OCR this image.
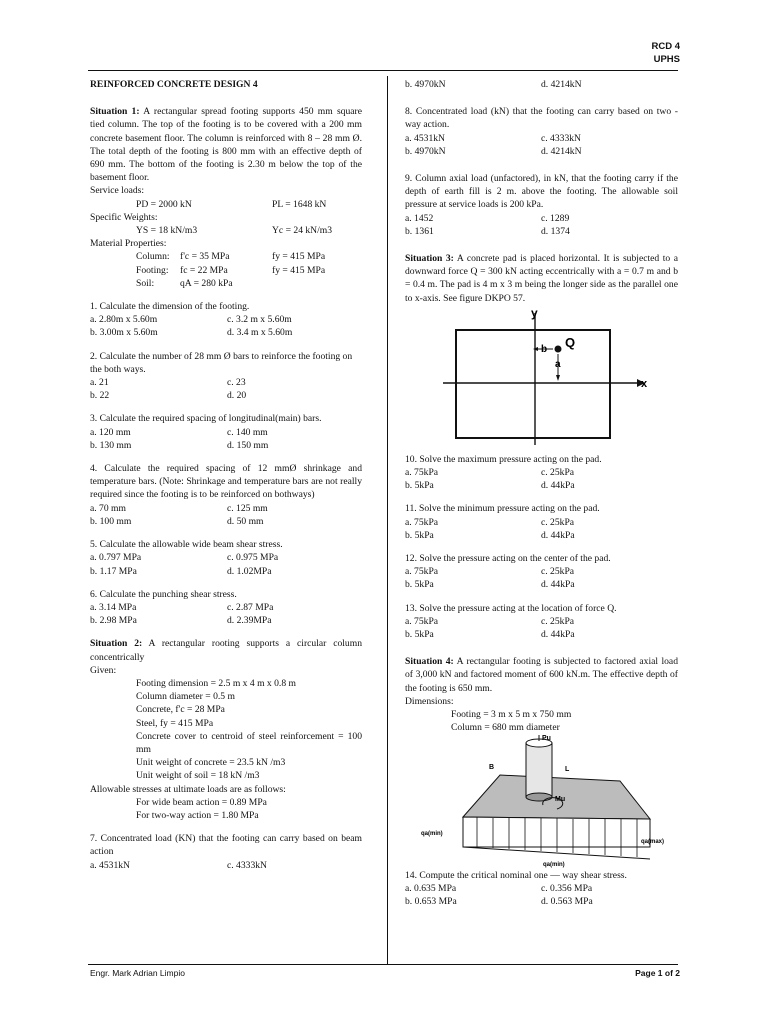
RCD 4
UPHS

REINFORCED CONCRETE DESIGN 4

Situation 1: A rectangular spread footing supports 450 mm square tied column. The top of the footing is to be covered with a 200 mm concrete basement floor. The column is reinforced with 8 – 28 mm Ø. The total depth of the footing is 800 mm with an effective depth of 690 mm. The bottom of the footing is 2.30 m below the top of the basement floor.

Service loads:

PD = 2000 kN	PL = 1648 kN

Specific Weights:

YS = 18 kN/m3	Yc = 24 kN/m3

Material Properties:

Column:	f'c = 35 MPa	fy = 415 MPa
Footing:	fc = 22 MPa	fy = 415 MPa
Soil:	qA = 280 kPa

1. Calculate the dimension of the footing.

a. 2.80m x 5.60m	c. 3.2 m x 5.60m
b. 3.00m x 5.60m	d. 3.4 m x 5.60m

2. Calculate the number of 28 mm Ø bars to reinforce the footing on the both ways.

a. 21	c. 23
b. 22	d. 20

3. Calculate the required spacing of longitudinal(main) bars.

a. 120 mm	c. 140 mm
b. 130 mm	d. 150 mm

4. Calculate the required spacing of 12 mmØ shrinkage and temperature bars. (Note: Shrinkage and temperature bars are not really required since the footing is to be reinforced on bothways)

a. 70 mm	c. 125 mm
b. 100 mm	d. 50 mm

5. Calculate the allowable wide beam shear stress.

a. 0.797 MPa	c. 0.975 MPa
b. 1.17 MPa	d. 1.02MPa

6. Calculate the punching shear stress.

a. 3.14 MPa	c. 2.87 MPa
b. 2.98 MPa	d. 2.39MPa

Situation 2: A rectangular rooting supports a circular column concentrically

Given:

Footing dimension = 2.5 m x 4 m x 0.8 m

Column diameter = 0.5 m

Concrete, f'c = 28 MPa

Steel, fy = 415 MPa

Concrete cover to centroid of steel reinforcement = 100 mm

Unit weight of concrete = 23.5 kN /m3

Unit weight of soil = 18 kN /m3

Allowable stresses at ultimate loads are as follows:

For wide beam action = 0.89 MPa

For two-way action = 1.80 MPa

7. Concentrated load (KN) that the footing can carry based on beam action

a. 4531kN	c. 4333kN
b. 4970kN	d. 4214kN

8. Concentrated load (kN) that the footing can carry based on two - way action.

a. 4531kN	c. 4333kN
b. 4970kN	d. 4214kN

9. Column axial load (unfactored), in kN, that the footing carry if the depth of earth fill is 2 m. above the footing. The allowable soil pressure at service loads is 200 kPa.

a. 1452	c. 1289
b. 1361	d. 1374

Situation 3: A concrete pad is placed horizontal. It is subjected to a downward force Q = 300 kN acting eccentrically with a = 0.7 m and b = 0.4 m. The pad is 4 m x 3 m being the longer side as the parallel one to x-axis. See figure DKPO 57.

y
x
Q
b
a

10. Solve the maximum pressure acting on the pad.

a. 75kPa	c. 25kPa
b. 5kPa	d. 44kPa

11. Solve the minimum pressure acting on the pad.

a. 75kPa	c. 25kPa
b. 5kPa	d. 44kPa

12. Solve the pressure acting on the center of the pad.

a. 75kPa	c. 25kPa
b. 5kPa	d. 44kPa

13. Solve the pressure acting at the location of force Q.

a. 75kPa	c. 25kPa
b. 5kPa	d. 44kPa

Situation 4: A rectangular footing is subjected to factored axial load of 3,000 kN and factored moment of 600 kN.m. The effective depth of the footing is 650 mm.

Dimensions:

Footing = 3 m x 5 m x 750 mm

Column = 680 mm diameter

Pu
B	L
Mu
qa(min)
qa(max)
qa(min)

14. Compute the critical nominal one — way shear stress.

a. 0.635 MPa	c. 0.356 MPa
b. 0.653 MPa	d. 0.563 MPa
Engr. Mark Adrian Limpio	Page 1 of 2
